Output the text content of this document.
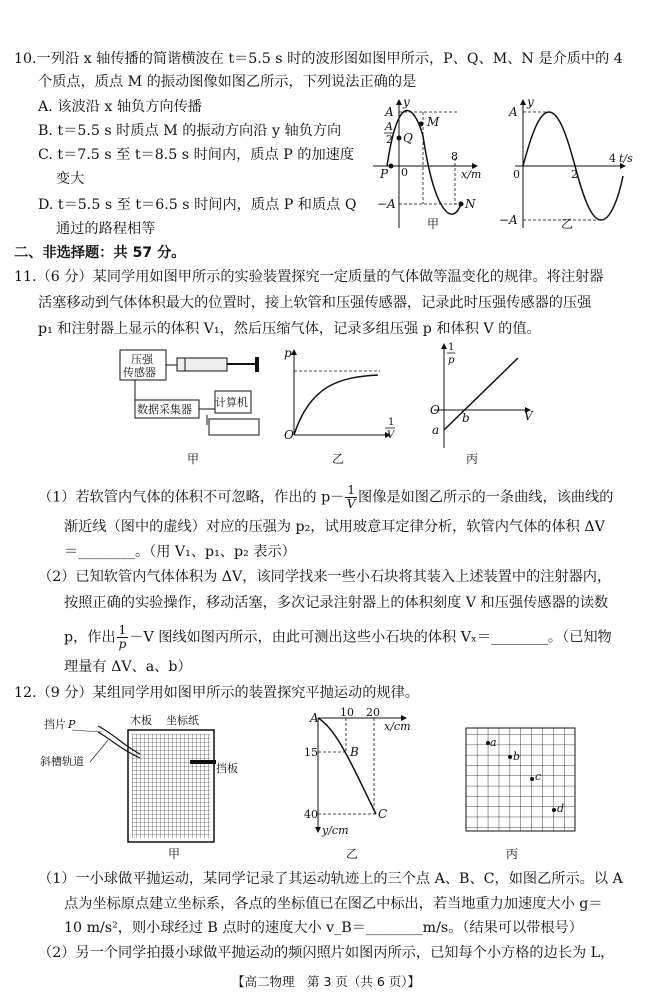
10.一列沿 x 轴传播的简谐横波在 t＝5.5 s 时的波形图如图甲所示，P、Q、M、N 是介质中的 4
个质点，质点 M 的振动图像如图乙所示，下列说法正确的是
A. 该波沿 x 轴负方向传播
B. t＝5.5 s 时质点 M 的振动方向沿 y 轴负方向
C. t＝7.5 s 至 t＝8.5 s 时间内，质点 P 的加速度
变大
D. t＝5.5 s 至 t＝6.5 s 时间内，质点 P 和质点 Q
通过的路程相等
y
A
A
2 Q
M
P 0
8
x/m
−A	N
甲
y
A
0	2
4 t/s
−A	乙
二、非选择题：共 57 分。
11.（6 分）某同学用如图甲所示的实验装置探究一定质量的气体做等温变化的规律。将注射器
活塞移动到气体体积最大的位置时，接上软管和压强传感器，记录此时压强传感器的压强
p₁ 和注射器上显示的体积 V₁，然后压缩气体，记录多组压强 p 和体积 V 的值。
压强
传感器
数据采集器
计算机
甲
p
O
1
V
乙
1
p
O
a
b	V
丙
（1）若软管内气体的体积不可忽略，作出的 $p- \frac{1}{V}$ 图像是如图乙所示的一条曲线，该曲线的
渐近线（图中的虚线）对应的压强为 p₂，试用玻意耳定律分析，软管内气体的体积 ΔV
＝________。（用 V₁、p₁、p₂ 表示）
（2）已知软管内气体体积为 ΔV，该同学找来一些小石块将其装入上述装置中的注射器内，
按照正确的实验操作，移动活塞，多次记录注射器上的体积刻度 V 和压强传感器的读数
p，作出 $\frac{1}{p} -V$ 图线如图丙所示，由此可测出这些小石块的体积 Vₓ＝________。（已知物
理量有 ΔV、a、b）
12.（9 分）某组同学用如图甲所示的装置探究平抛运动的规律。
挡片 P	木板 坐标纸
斜槽轨道
挡板
甲
A 10 20
x/cm
B
15
40	C
y/cm
乙
a
b
c
d
丙
（1）一小球做平抛运动，某同学记录了其运动轨迹上的三个点 A、B、C，如图乙所示。以 A
点为坐标原点建立坐标系，各点的坐标值已在图乙中标出，若当地重力加速度大小 g＝
10 m/s²，则小球经过 B 点时的速度大小 v_B＝________m/s。（结果可以带根号）
（2）另一个同学拍摄小球做平抛运动的频闪照片如图丙所示，已知每个小方格的边长为 L，
【高二物理　第 3 页（共 6 页）】
